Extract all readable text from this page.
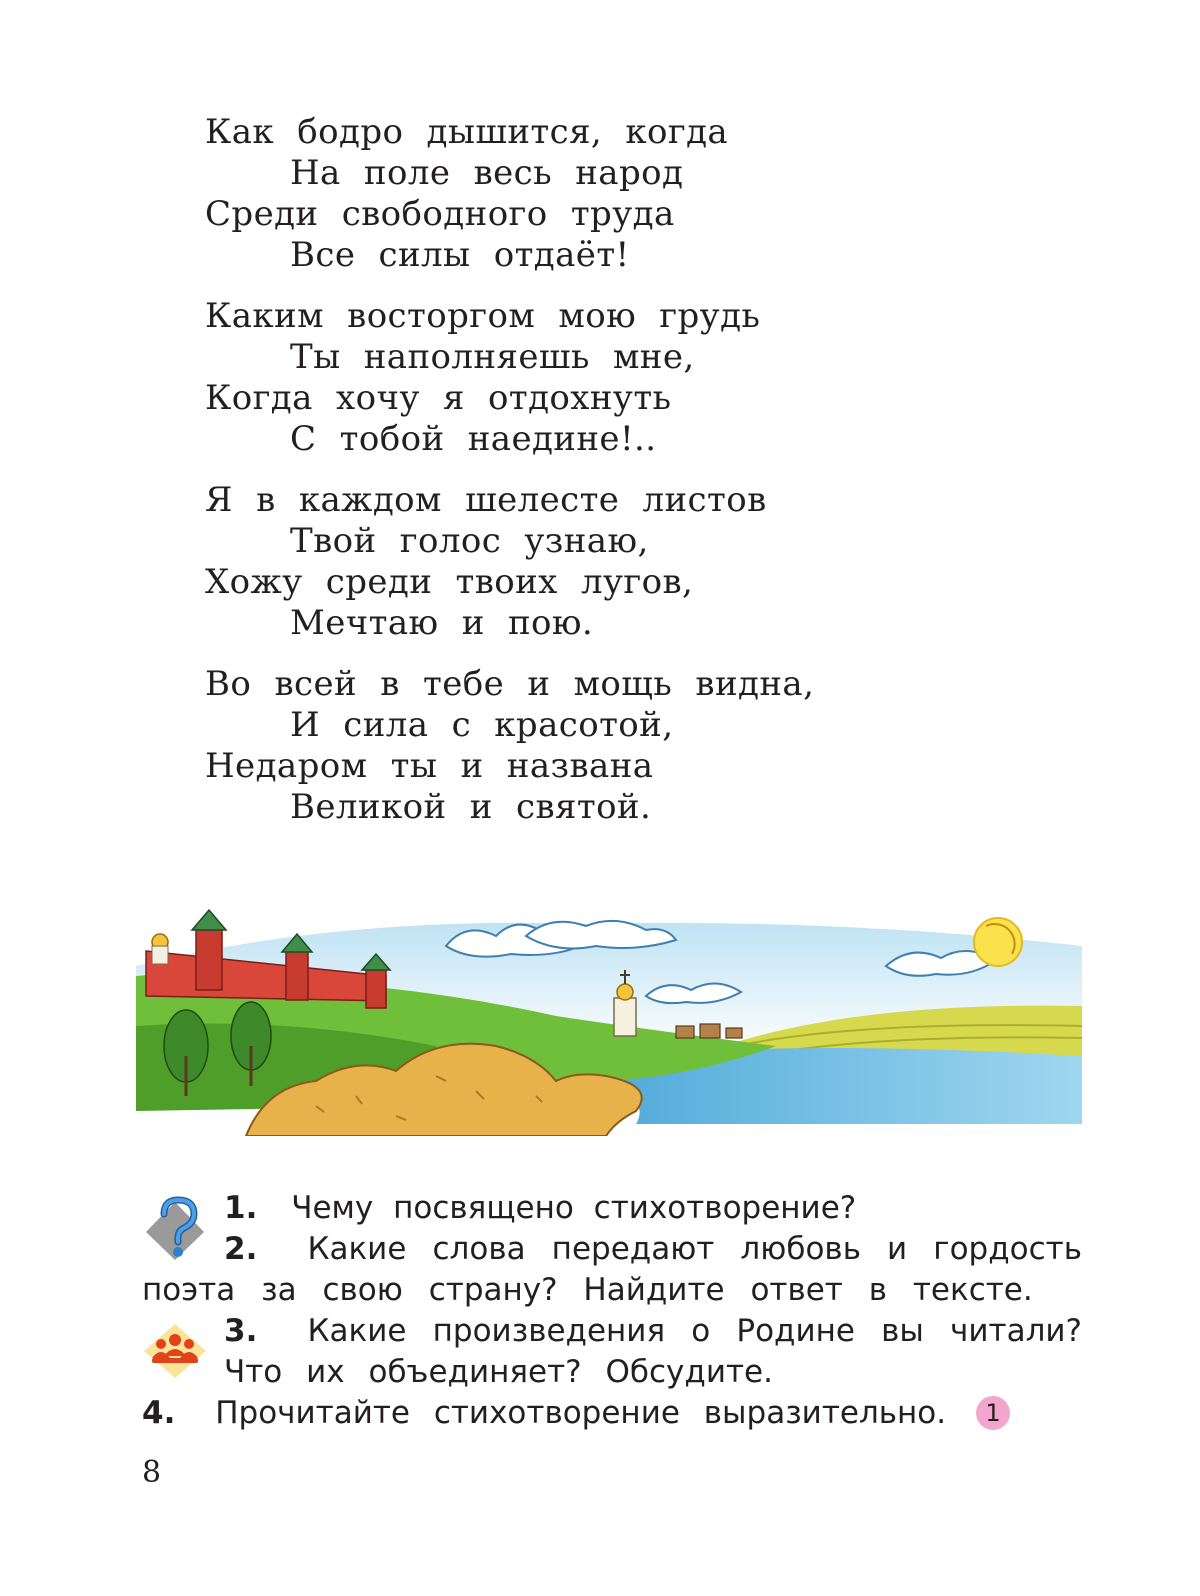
Как бодро дышится, когда
На поле весь народ
Среди свободного труда
Все силы отдаёт!
Каким восторгом мою грудь
Ты наполняешь мне,
Когда хочу я отдохнуть
С тобой наедине!..
Я в каждом шелесте листов
Твой голос узнаю,
Хожу среди твоих лугов,
Мечтаю и пою.
Во всей в тебе и мощь видна,
И сила с красотой,
Недаром ты и названа
Великой и святой.
1. Чему посвящено стихотворение?
2. Какие слова передают любовь и гордость
поэта за свою страну? Найдите ответ в тексте.
3. Какие произведения о Родине вы читали?
Что их объединяет? Обсудите.
4. Прочитайте стихотворение выразительно. 1
8
